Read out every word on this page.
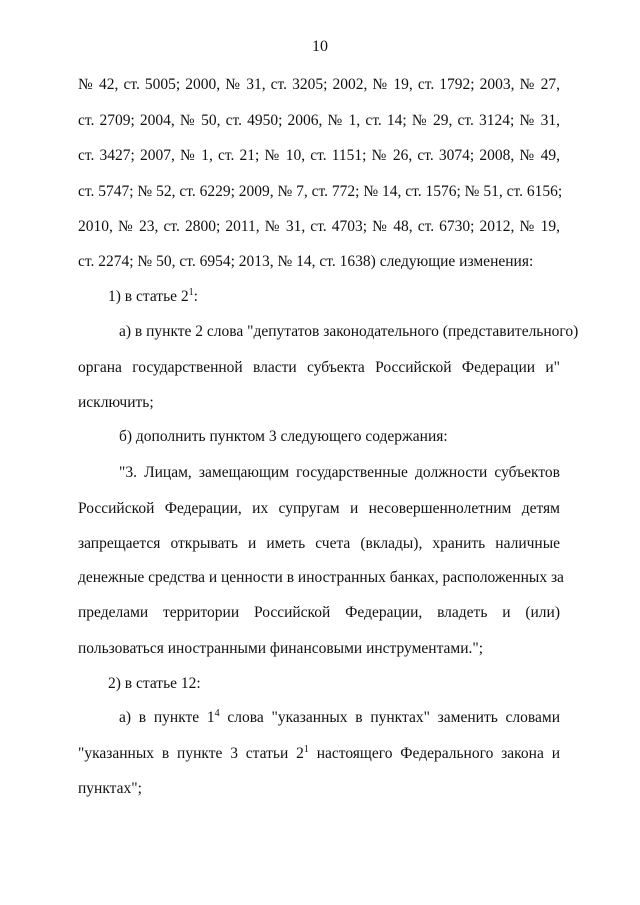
10
№ 42, ст. 5005; 2000, № 31, ст. 3205; 2002, № 19, ст. 1792; 2003, № 27,
ст. 2709; 2004, № 50, ст. 4950; 2006, № 1, ст. 14; № 29, ст. 3124; № 31,
ст. 3427; 2007, № 1, ст. 21; № 10, ст. 1151; № 26, ст. 3074; 2008, № 49,
ст. 5747; № 52, ст. 6229; 2009, № 7, ст. 772; № 14, ст. 1576; № 51, ст. 6156;
2010, № 23, ст. 2800; 2011, № 31, ст. 4703; № 48, ст. 6730; 2012, № 19,
ст. 2274; № 50, ст. 6954; 2013, № 14, ст. 1638) следующие изменения:
1) в статье $2^1$:
а) в пункте 2 слова "депутатов законодательного (представительного)
органа государственной власти субъекта Российской Федерации и"
исключить;
б) дополнить пунктом 3 следующего содержания:
"3. Лицам, замещающим государственные должности субъектов
Российской Федерации, их супругам и несовершеннолетним детям
запрещается открывать и иметь счета (вклады), хранить наличные
денежные средства и ценности в иностранных банках, расположенных за
пределами территории Российской Федерации, владеть и (или)
пользоваться иностранными финансовыми инструментами.";
2) в статье 12:
а) в пункте $1^4$ слова "указанных в пунктах" заменить словами
"указанных в пункте 3 статьи $2^1$ настоящего Федерального закона и
пунктах";
